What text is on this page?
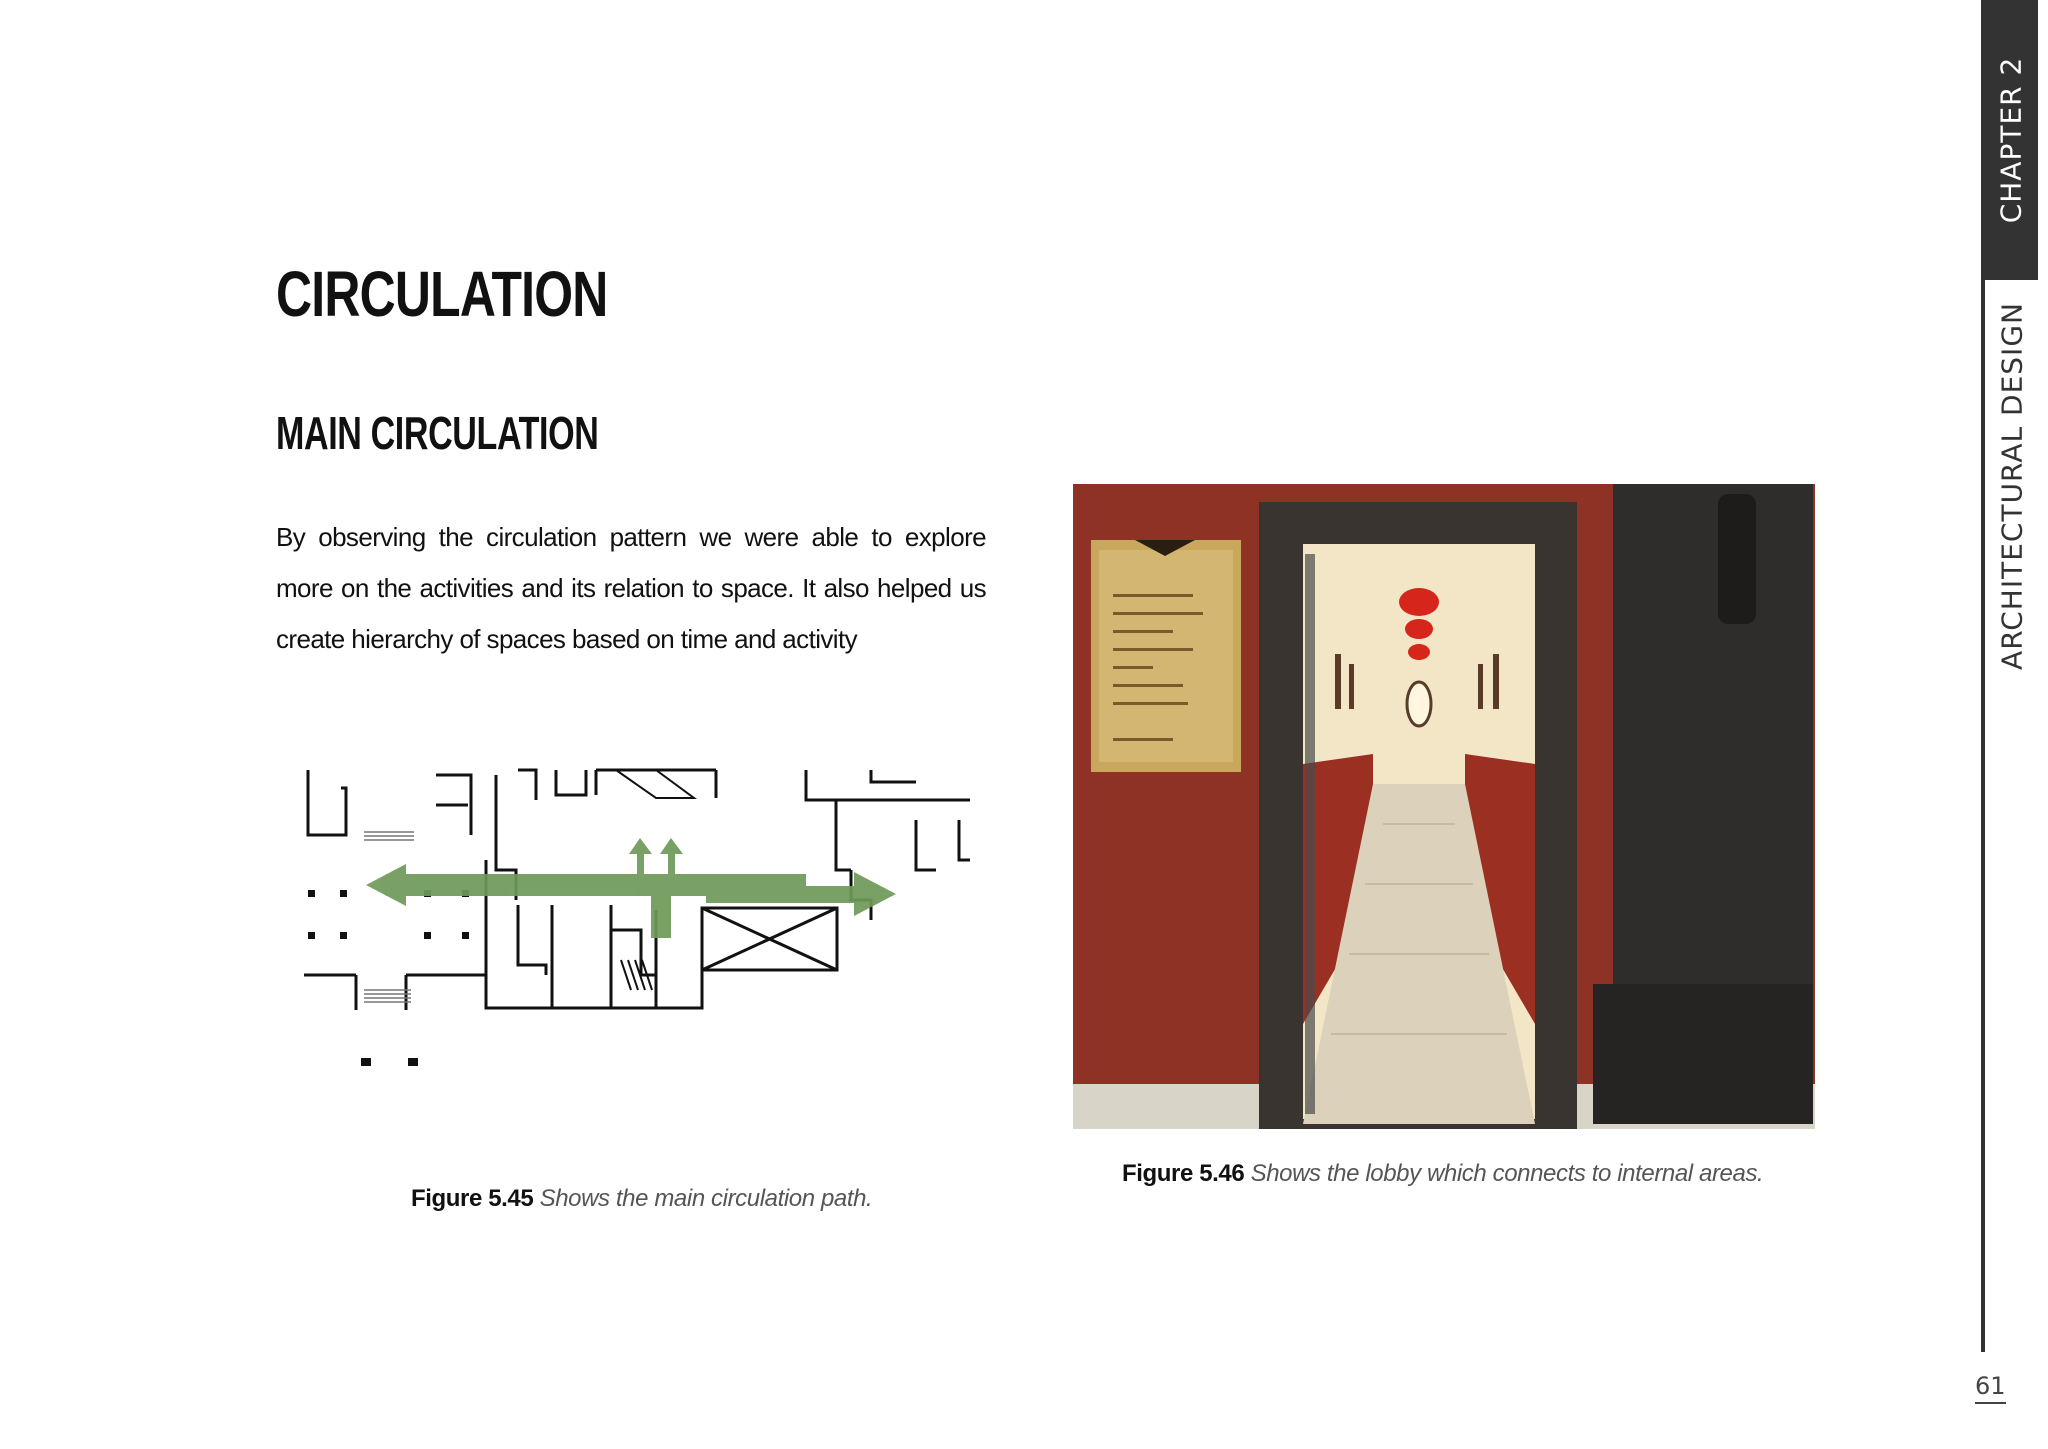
CHAPTER 2
ARCHITECTURAL DESIGN
CIRCULATION
MAIN CIRCULATION

By observing the circulation pattern we were able to explore more on the activities and its relation to space. It also helped us create hierarchy of spaces based on time and activity

Figure 5.45 Shows the main circulation path.

Figure 5.46 Shows the lobby which connects to internal areas.

61
